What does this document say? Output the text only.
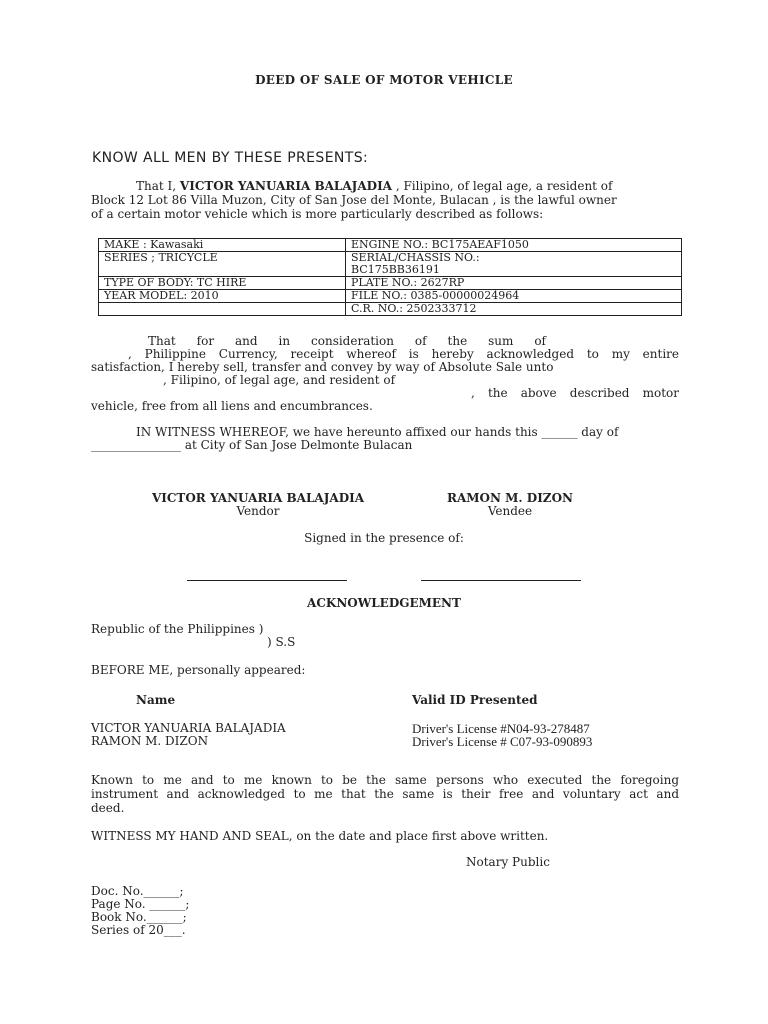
DEED OF SALE OF MOTOR VEHICLE
KNOW ALL MEN BY THESE PRESENTS:
That I, VICTOR YANUARIA BALAJADIA , Filipino, of legal age, a resident of
Block 12 Lot 86 Villa Muzon, City of San Jose del Monte, Bulacan , is the lawful owner
of a certain motor vehicle which is more particularly described as follows:
MAKE : Kawasaki	ENGINE NO.: BC175AEAF1050
SERIES ; TRICYCLE	SERIAL/CHASSIS NO.:
BC175BB36191

TYPE OF BODY: TC HIRE	PLATE NO.: 2627RP
YEAR MODEL: 2010	FILE NO.: 0385-00000024964
	C.R. NO.: 2502333712
That for and in consideration of the sum of
, Philippine Currency, receipt whereof is hereby acknowledged to my entire
satisfaction, I hereby sell, transfer and convey by way of Absolute Sale unto
, Filipino, of legal age, and resident of
, the above described motor
vehicle, free from all liens and encumbrances.
IN WITNESS WHEREOF, we have hereunto affixed our hands this ______ day of
_______________ at City of San Jose Delmonte Bulacan
VICTOR YANUARIA BALAJADIA
Vendor
RAMON M. DIZON
Vendee
Signed in the presence of:
ACKNOWLEDGEMENT
Republic of the Philippines )
) S.S
BEFORE ME, personally appeared:
Name	Valid ID Presented
VICTOR YANUARIA BALAJADIA	Driver's License #N04-93-278487
RAMON M. DIZON	Driver's License # C07-93-090893
Known to me and to me known to be the same persons who executed the foregoing
instrument and acknowledged to me that the same is their free and voluntary act and
deed.
WITNESS MY HAND AND SEAL, on the date and place first above written.
Notary Public
Doc. No.______;
Page No. ______;
Book No.______;
Series of 20___.
